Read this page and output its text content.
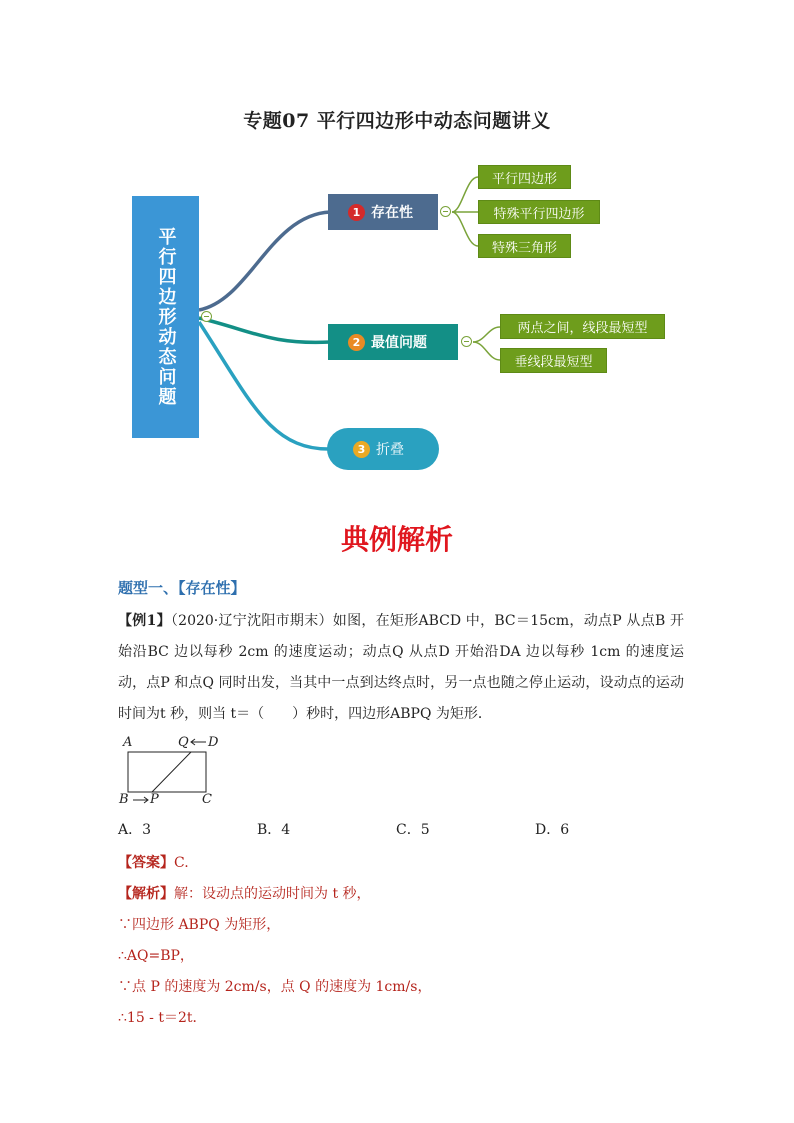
专题07 平行四边形中动态问题讲义
平行四边形动态问题
1 存在性
平行四边形
特殊平行四边形
特殊三角形
2 最值问题
两点之间，线段最短型
垂线段最短型
3 折叠
典例解析
题型一、【存在性】
【例1】（2020·辽宁沈阳市期末）如图，在矩形ABCD 中，BC＝15cm，动点P 从点B 开始沿BC 边以每秒 2cm 的速度运动；动点Q 从点D 开始沿DA 边以每秒 1cm 的速度运动，点P 和点Q 同时出发，当其中一点到达终点时，另一点也随之停止运动，设动点的运动时间为t 秒，则当 t＝（　　）秒时，四边形ABPQ 为矩形．
A	Q D
B P	C
A．3	B．4	C．5	D．6
【答案】C.
【解析】解：设动点的运动时间为 t 秒，
∵四边形 ABPQ 为矩形，
∴AQ=BP，
∵点 P 的速度为 2cm/s，点 Q 的速度为 1cm/s，
∴15 - t＝2t．
